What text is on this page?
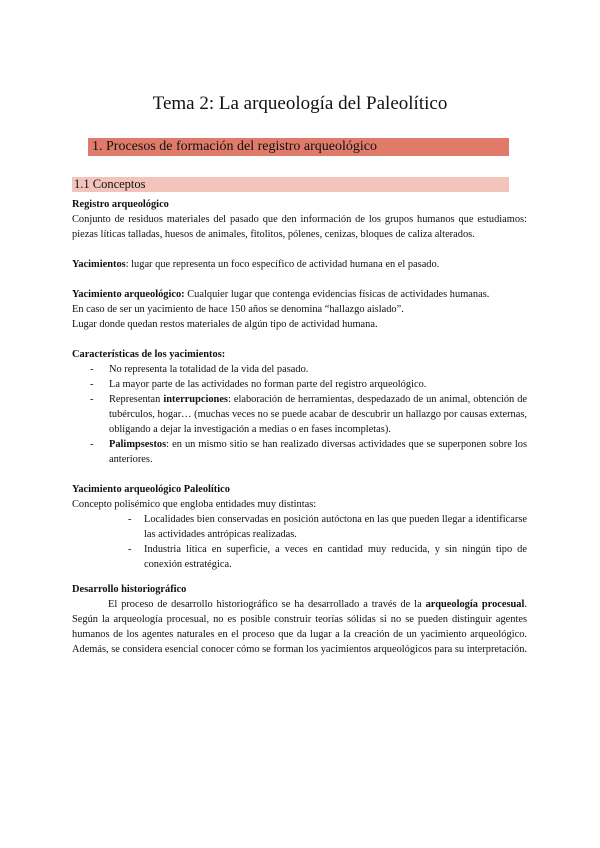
Tema 2: La arqueología del Paleolítico
1. Procesos de formación del registro arqueológico
1.1 Conceptos

Registro arqueológico

Conjunto de residuos materiales del pasado que den información de los grupos humanos que estudiamos: piezas líticas talladas, huesos de animales, fitolitos, pólenes, cenizas, bloques de caliza alterados.

Yacimientos: lugar que representa un foco específico de actividad humana en el pasado.

Yacimiento arqueológico: Cualquier lugar que contenga evidencias físicas de actividades humanas.

En caso de ser un yacimiento de hace 150 años se denomina “hallazgo aislado”.

Lugar donde quedan restos materiales de algún tipo de actividad humana.

Características de los yacimientos:

- No representa la totalidad de la vida del pasado.
- La mayor parte de las actividades no forman parte del registro arqueológico.
- Representan interrupciones: elaboración de herramientas, despedazado de un animal, obtención de tubérculos, hogar… (muchas veces no se puede acabar de descubrir un hallazgo por causas externas, obligando a dejar la investigación a medias o en fases incompletas).
- Palimpsestos: en un mismo sitio se han realizado diversas actividades que se superponen sobre los anteriores.

Yacimiento arqueológico Paleolítico

Concepto polisémico que engloba entidades muy distintas:

- Localidades bien conservadas en posición autóctona en las que pueden llegar a identificarse las actividades antrópicas realizadas.
- Industria lítica en superficie, a veces en cantidad muy reducida, y sin ningún tipo de conexión estratégica.

Desarrollo historiográfico

El proceso de desarrollo historiográfico se ha desarrollado a través de la arqueología procesual. Según la arqueología procesual, no es posible construir teorías sólidas si no se pueden distinguir agentes humanos de los agentes naturales en el proceso que da lugar a la creación de un yacimiento arqueológico. Además, se considera esencial conocer cómo se forman los yacimientos arqueológicos para su interpretación.
